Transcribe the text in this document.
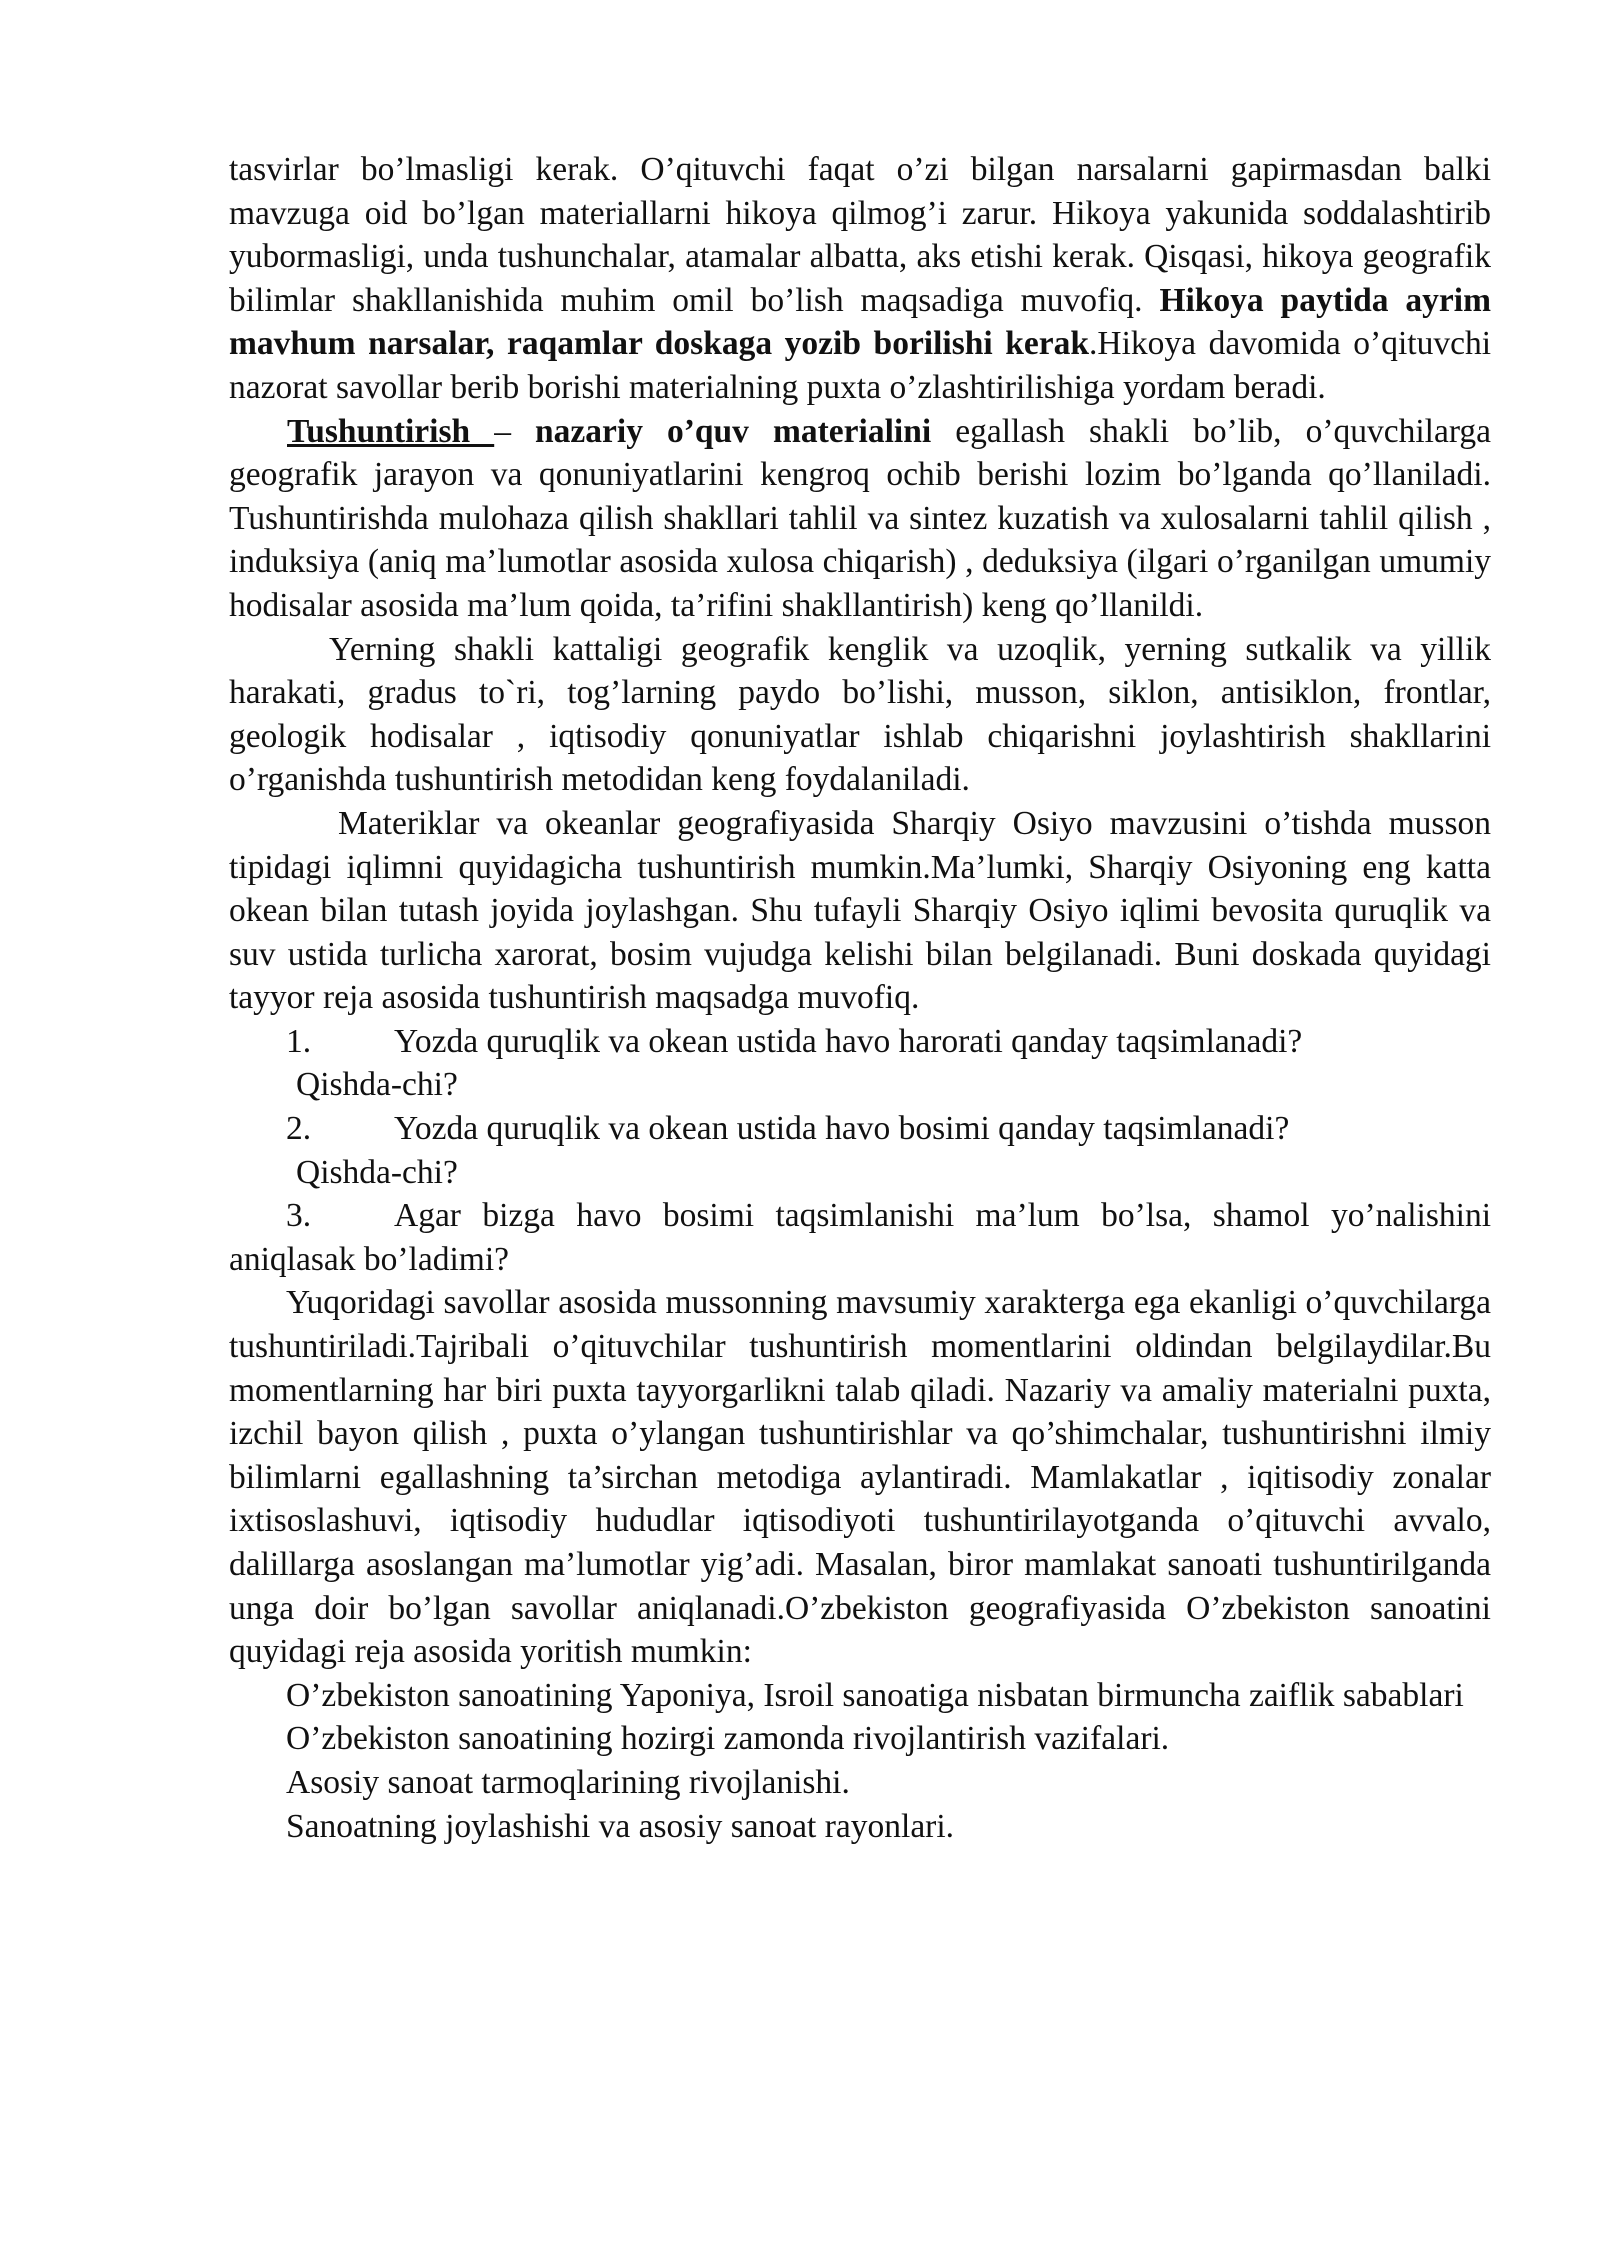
tasvirlar bo’lmasligi kerak. O’qituvchi faqat o’zi bilgan narsalarni gapirmasdan balki mavzuga oid bo’lgan materiallarni hikoya qilmog’i zarur. Hikoya yakunida soddalashtirib yubormasligi, unda tushunchalar, atamalar albatta, aks etishi kerak. Qisqasi, hikoya geografik bilimlar shakllanishida muhim omil bo’lish maqsadiga muvofiq. Hikoya paytida ayrim mavhum narsalar, raqamlar doskaga yozib borilishi kerak.Hikoya davomida o’qituvchi nazorat savollar berib borishi materialning puxta o’zlashtirilishiga yordam beradi.

Tushuntirish – nazariy o’quv materialini egallash shakli bo’lib, o’quvchilarga geografik jarayon va qonuniyatlarini kengroq ochib berishi lozim bo’lganda qo’llaniladi. Tushuntirishda mulohaza qilish shakllari tahlil va sintez kuzatish va xulosalarni tahlil qilish , induksiya (aniq ma’lumotlar asosida xulosa chiqarish) , deduksiya (ilgari o’rganilgan umumiy hodisalar asosida ma’lum qoida, ta’rifini shakllantirish) keng qo’llanildi.

Yerning shakli kattaligi geografik kenglik va uzoqlik, yerning sutkalik va yillik harakati, gradus to`ri, tog’larning paydo bo’lishi, musson, siklon, antisiklon, frontlar, geologik hodisalar , iqtisodiy qonuniyatlar ishlab chiqarishni joylashtirish shakllarini o’rganishda tushuntirish metodidan keng foydalaniladi.

Materiklar va okeanlar geografiyasida Sharqiy Osiyo mavzusini o’tishda musson tipidagi iqlimni quyidagicha tushuntirish mumkin.Ma’lumki, Sharqiy Osiyoning eng katta okean bilan tutash joyida joylashgan. Shu tufayli Sharqiy Osiyo iqlimi bevosita quruqlik va suv ustida turlicha xarorat, bosim vujudga kelishi bilan belgilanadi. Buni doskada quyidagi tayyor reja asosida tushuntirish maqsadga muvofiq.

1. Yozda quruqlik va okean ustida havo harorati qanday taqsimlanadi?

Qishda-chi?

2. Yozda quruqlik va okean ustida havo bosimi qanday taqsimlanadi?

Qishda-chi?

3. Agar bizga havo bosimi taqsimlanishi ma’lum bo’lsa, shamol yo’nalishini aniqlasak bo’ladimi?

Yuqoridagi savollar asosida mussonning mavsumiy xarakterga ega ekanligi o’quvchilarga tushuntiriladi.Tajribali o’qituvchilar tushuntirish momentlarini oldindan belgilaydilar.Bu momentlarning har biri puxta tayyorgarlikni talab qiladi. Nazariy va amaliy materialni puxta, izchil bayon qilish , puxta o’ylangan tushuntirishlar va qo’shimchalar, tushuntirishni ilmiy bilimlarni egallashning ta’sirchan metodiga aylantiradi. Mamlakatlar , iqitisodiy zonalar ixtisoslashuvi, iqtisodiy hududlar iqtisodiyoti tushuntirilayotganda o’qituvchi avvalo, dalillarga asoslangan ma’lumotlar yig’adi. Masalan, biror mamlakat sanoati tushuntirilganda unga doir bo’lgan savollar aniqlanadi.O’zbekiston geografiyasida O’zbekiston sanoatini quyidagi reja asosida yoritish mumkin:

O’zbekiston sanoatining Yaponiya, Isroil sanoatiga nisbatan birmuncha zaiflik sabablari

O’zbekiston sanoatining hozirgi zamonda rivojlantirish vazifalari.

Asosiy sanoat tarmoqlarining rivojlanishi.

Sanoatning joylashishi va asosiy sanoat rayonlari.
